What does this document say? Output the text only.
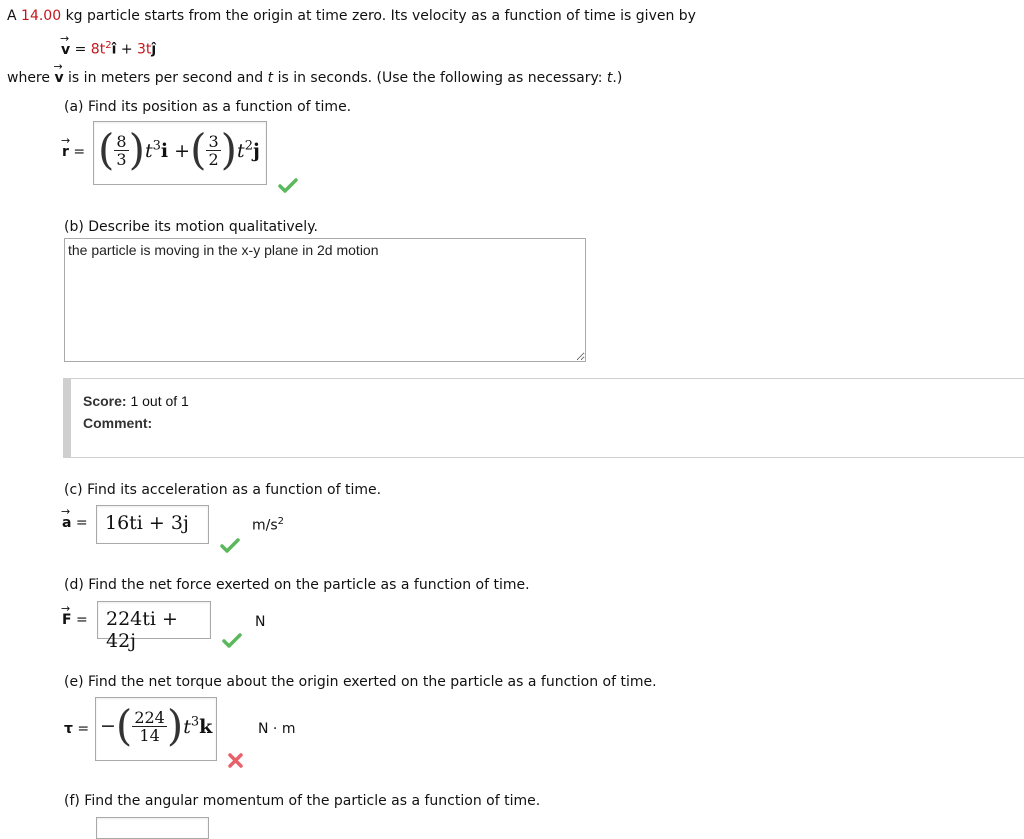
A 14.00 kg particle starts from the origin at time zero. Its velocity as a function of time is given by
→ $v = 8t^2î$ + 3tĵ
where → v is in meters per second and t is in seconds. (Use the following as necessary: t.)
(a) Find its position as a function of time.
→ r = ( $\frac{8}{3} )t^3i$ +( $\frac{3}{2} )t^2j$
(b) Describe its motion qualitatively.
the particle is moving in the x-y plane in 2d motion
Score: 1 out of 1
Comment:
(c) Find its acceleration as a function of time.
→ a = 16ti + 3j	$m/s^2$
(d) Find the net force exerted on the particle as a function of time.
→ F = 224ti + 42j
N
(e) Find the net torque about the origin exerted on the particle as a function of time.
τ = −( $\frac{224}{14} )t^3k$	N · m
(f) Find the angular momentum of the particle as a function of time.
